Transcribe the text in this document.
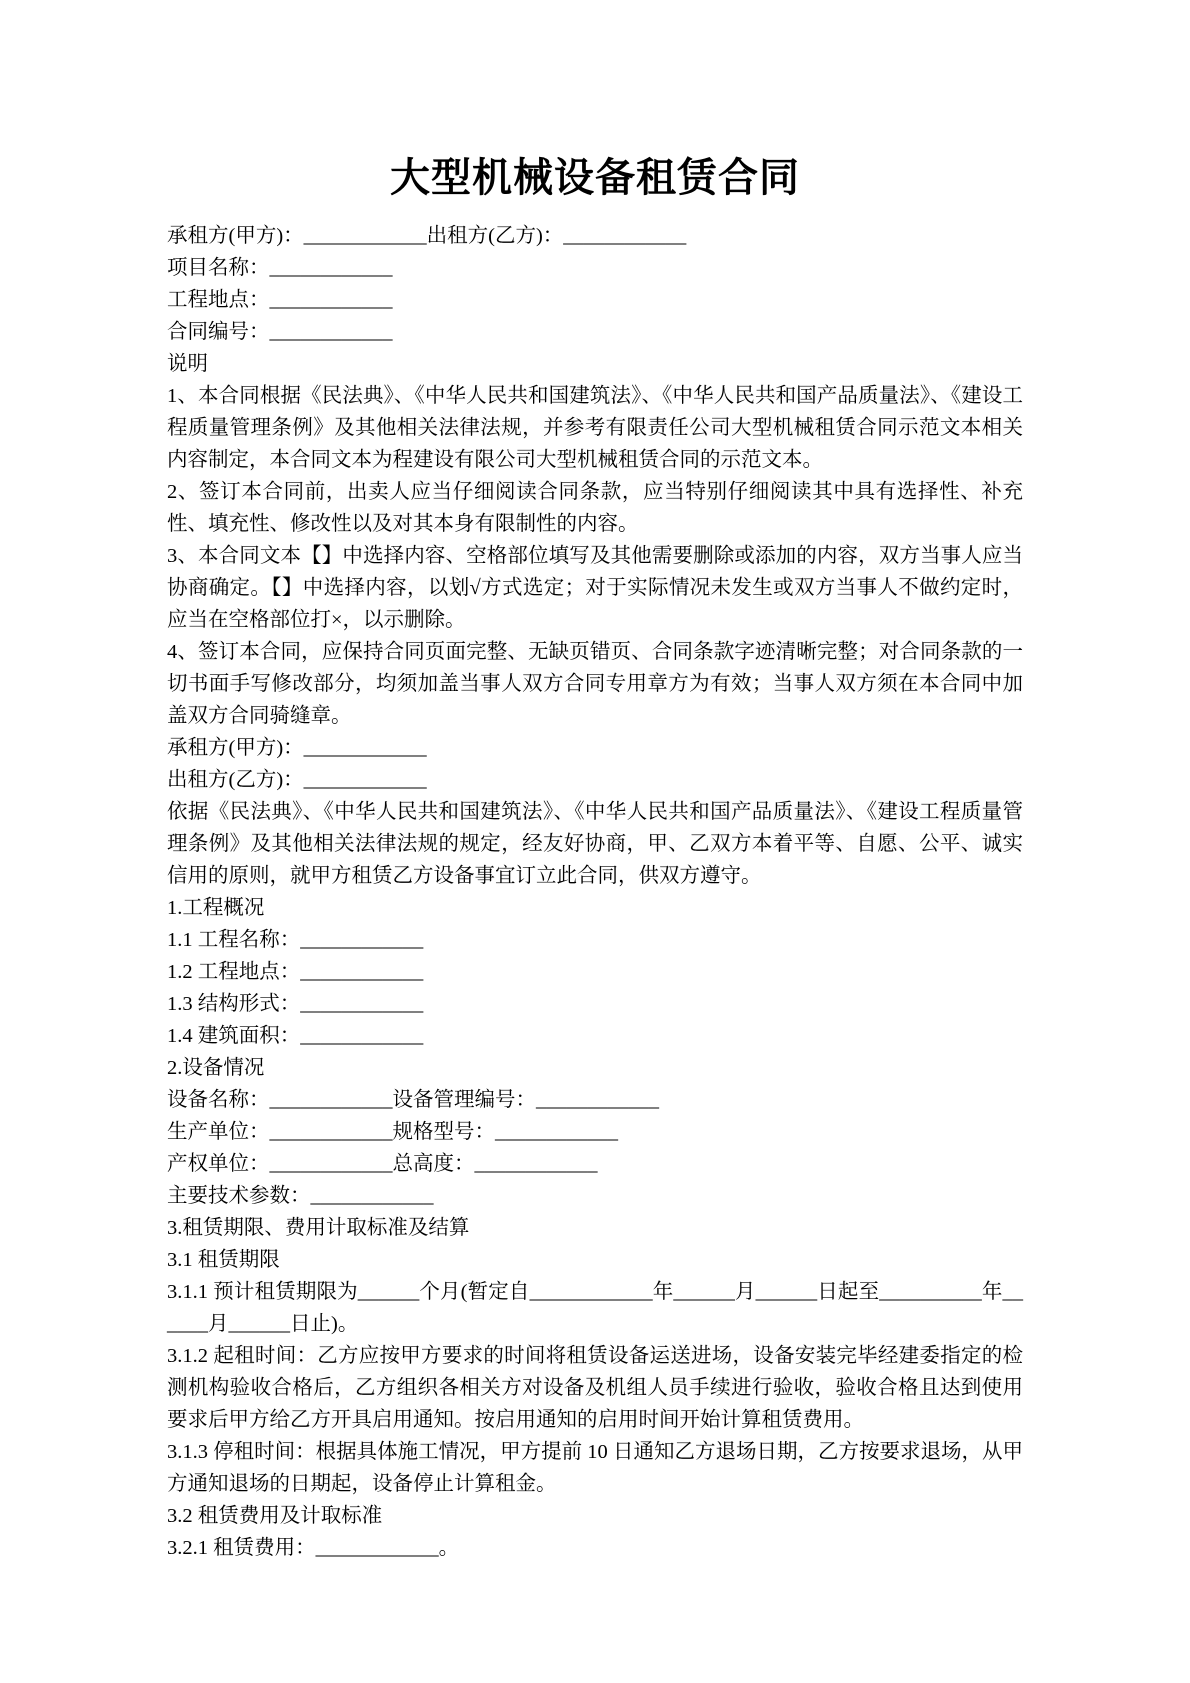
大型机械设备租赁合同

承租方(甲方)：____________出租方(乙方)：____________

项目名称：____________

工程地点：____________

合同编号：____________

说明

1、本合同根据《民法典》、《中华人民共和国建筑法》、《中华人民共和国产品质量法》、《建设工程质量管理条例》及其他相关法律法规，并参考有限责任公司大型机械租赁合同示范文本相关内容制定，本合同文本为程建设有限公司大型机械租赁合同的示范文本。

2、签订本合同前，出卖人应当仔细阅读合同条款，应当特别仔细阅读其中具有选择性、补充性、填充性、修改性以及对其本身有限制性的内容。

3、本合同文本【】中选择内容、空格部位填写及其他需要删除或添加的内容，双方当事人应当协商确定。【】中选择内容，以划√方式选定；对于实际情况未发生或双方当事人不做约定时，应当在空格部位打×，以示删除。

4、签订本合同，应保持合同页面完整、无缺页错页、合同条款字迹清晰完整；对合同条款的一切书面手写修改部分，均须加盖当事人双方合同专用章方为有效；当事人双方须在本合同中加盖双方合同骑缝章。

承租方(甲方)：____________

出租方(乙方)：____________

依据《民法典》、《中华人民共和国建筑法》、《中华人民共和国产品质量法》、《建设工程质量管理条例》及其他相关法律法规的规定，经友好协商，甲、乙双方本着平等、自愿、公平、诚实信用的原则，就甲方租赁乙方设备事宜订立此合同，供双方遵守。

1.工程概况

1.1 工程名称：____________

1.2 工程地点：____________

1.3 结构形式：____________

1.4 建筑面积：____________

2.设备情况

设备名称：____________设备管理编号：____________

生产单位：____________规格型号：____________

产权单位：____________总高度：____________

主要技术参数：____________

3.租赁期限、费用计取标准及结算

3.1 租赁期限

3.1.1 预计租赁期限为______个月(暂定自____________年______月______日起至__________年______月______日止)。

3.1.2 起租时间：乙方应按甲方要求的时间将租赁设备运送进场，设备安装完毕经建委指定的检测机构验收合格后，乙方组织各相关方对设备及机组人员手续进行验收，验收合格且达到使用要求后甲方给乙方开具启用通知。按启用通知的启用时间开始计算租赁费用。

3.1.3 停租时间：根据具体施工情况，甲方提前 10 日通知乙方退场日期，乙方按要求退场，从甲方通知退场的日期起，设备停止计算租金。

3.2 租赁费用及计取标准

3.2.1 租赁费用：____________。
